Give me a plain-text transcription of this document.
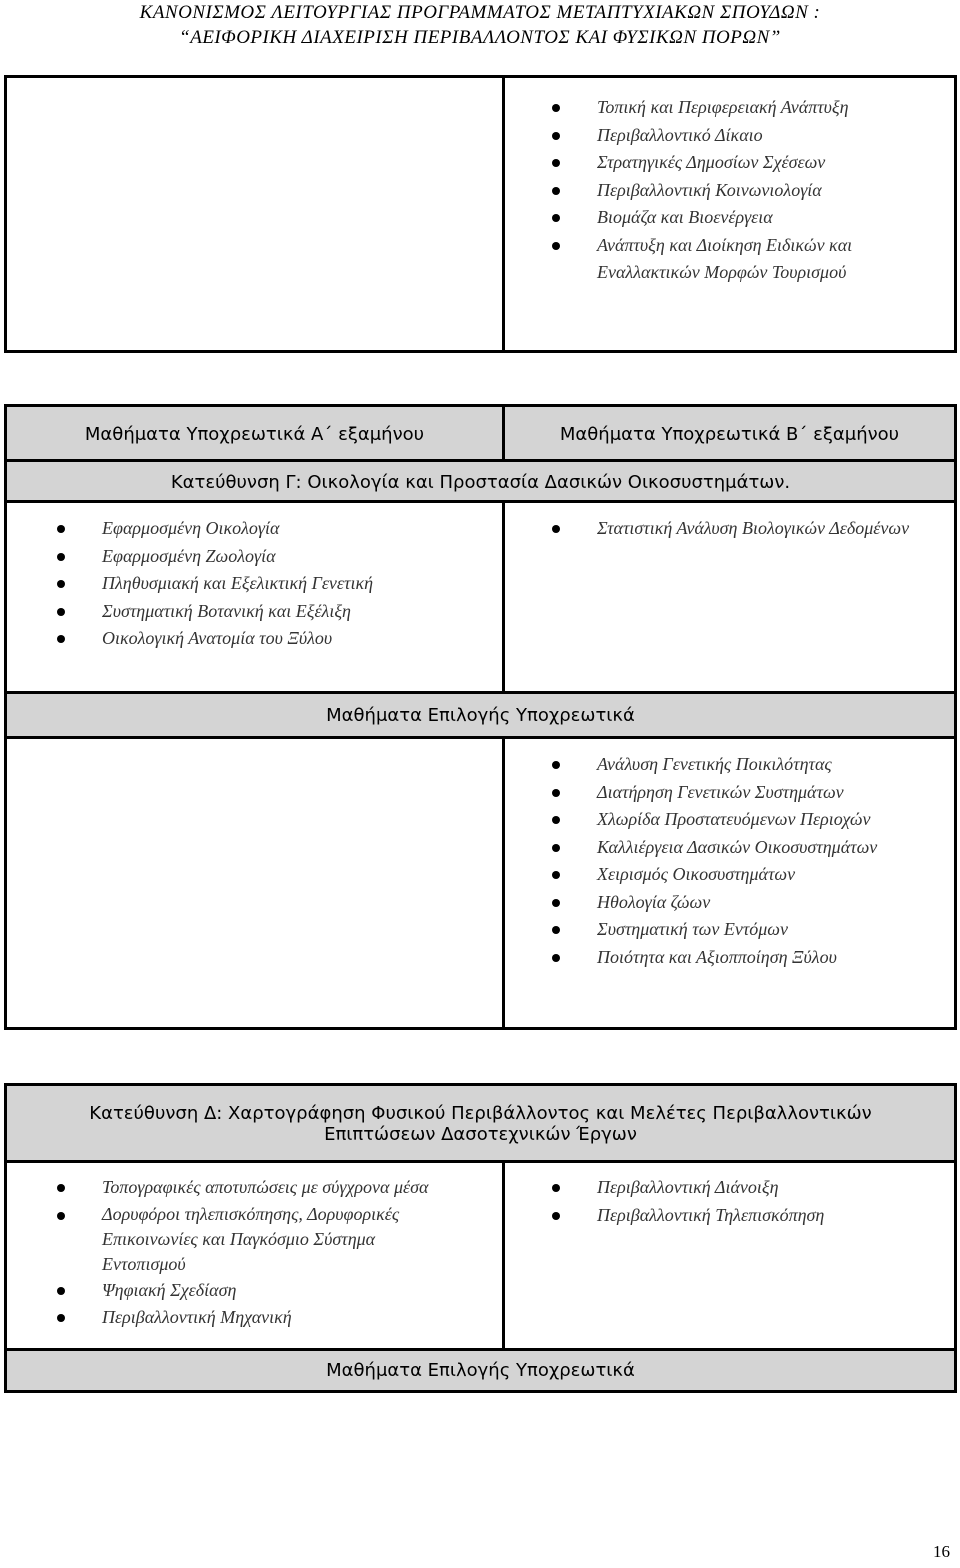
ΚΑΝΟΝΙΣΜΟΣ ΛΕΙΤΟΥΡΓΙΑΣ ΠΡΟΓΡΑΜΜΑΤΟΣ ΜΕΤΑΠΤΥΧΙΑΚΩΝ ΣΠΟΥΔΩΝ :
“ΑΕΙΦΟΡΙΚΗ ΔΙΑΧΕΙΡΙΣΗ ΠΕΡΙΒΑΛΛΟΝΤΟΣ ΚΑΙ ΦΥΣΙΚΩΝ ΠΟΡΩΝ”
Τοπική και Περιφερειακή Ανάπτυξη
Περιβαλλοντικό Δίκαιο
Στρατηγικές Δημοσίων Σχέσεων
Περιβαλλοντική Κοινωνιολογία
Βιομάζα και Βιοενέργεια
Ανάπτυξη και Διοίκηση Ειδικών και Εναλλακτικών Μορφών Τουρισμού
Μαθήματα Υποχρεωτικά Α΄ εξαμήνου	Μαθήματα Υποχρεωτικά Β΄ εξαμήνου
Κατεύθυνση Γ: Οικολογία και Προστασία Δασικών Οικοσυστημάτων.
Εφαρμοσμένη Οικολογία
Εφαρμοσμένη Ζωολογία
Πληθυσμιακή και Εξελικτική Γενετική
Συστηματική Βοτανική και Εξέλιξη
Οικολογική Ανατομία του Ξύλου
Στατιστική Ανάλυση Βιολογικών Δεδομένων
Μαθήματα Επιλογής Υποχρεωτικά
Ανάλυση Γενετικής Ποικιλότητας
Διατήρηση Γενετικών Συστημάτων
Χλωρίδα Προστατευόμενων Περιοχών
Καλλιέργεια Δασικών Οικοσυστημάτων
Χειρισμός Οικοσυστημάτων
Ηθολογία ζώων
Συστηματική των Εντόμων
Ποιότητα και Αξιοπποίηση Ξύλου
Κατεύθυνση Δ: Χαρτογράφηση Φυσικού Περιβάλλοντος και Μελέτες Περιβαλλοντικών
Επιπτώσεων Δασοτεχνικών Έργων
Τοπογραφικές αποτυπώσεις με σύγχρονα μέσα
Δορυφόροι τηλεπισκόπησης, Δορυφορικές Επικοινωνίες και Παγκόσμιο Σύστημα Εντοπισμού
Ψηφιακή Σχεδίαση
Περιβαλλοντική Μηχανική
Περιβαλλοντική Διάνοιξη
Περιβαλλοντική Τηλεπισκόπηση
Μαθήματα Επιλογής Υποχρεωτικά
16
